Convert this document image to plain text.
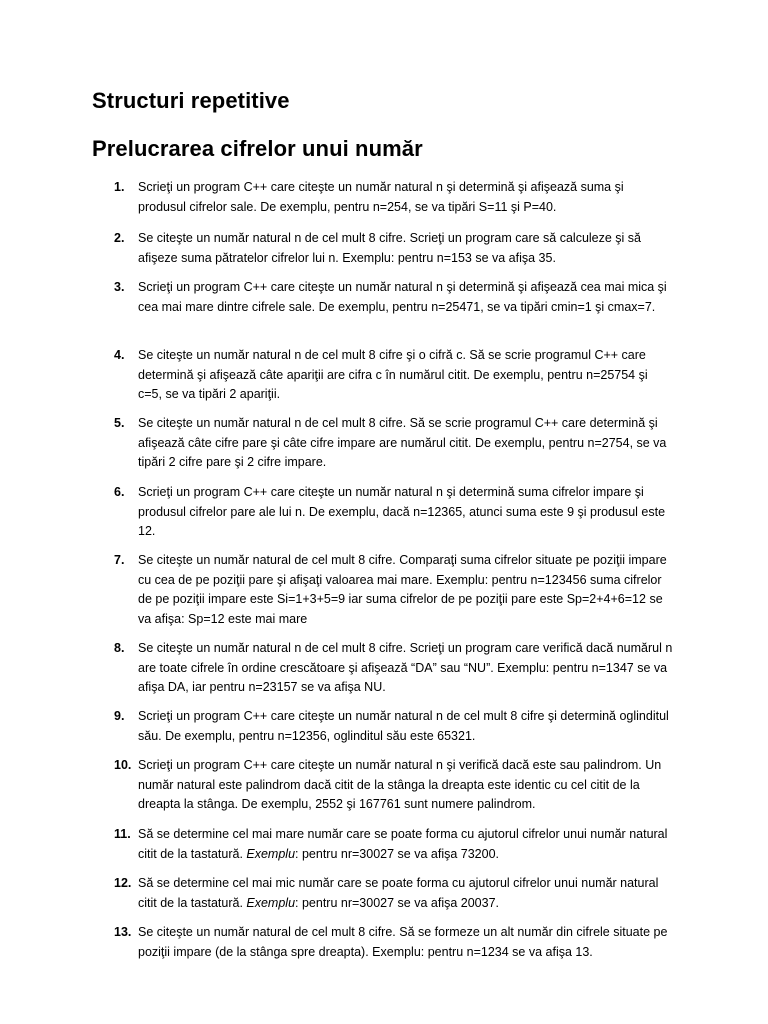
Structuri repetitive
Prelucrarea cifrelor unui număr
1.	Scrieţi un program C++ care citeşte un număr natural n şi determină şi afişează suma şi produsul cifrelor sale. De exemplu, pentru n=254, se va tipări S=11 şi P=40.
2.	Se citeşte un număr natural n de cel mult 8 cifre. Scrieţi un program care să calculeze şi să afişeze suma pătratelor cifrelor lui n. Exemplu: pentru n=153 se va afişa 35.
3.	Scrieţi un program C++ care citeşte un număr natural n şi determină şi afişează cea mai mica şi cea mai mare dintre cifrele sale. De exemplu, pentru n=25471, se va tipări cmin=1 şi cmax=7.
4.	Se citeşte un număr natural n de cel mult 8 cifre şi o cifră c. Să se scrie programul C++ care determină şi afişează câte apariţii are cifra c în numărul citit. De exemplu, pentru n=25754 şi c=5, se va tipări 2 apariţii.
5.	Se citeşte un număr natural n de cel mult 8 cifre. Să se scrie programul C++ care determină şi afişează câte cifre pare şi câte cifre impare are numărul citit. De exemplu, pentru n=2754, se va tipări 2 cifre pare şi 2 cifre impare.
6.	Scrieţi un program C++ care citeşte un număr natural n şi determină suma cifrelor impare şi produsul cifrelor pare ale lui n. De exemplu, dacă n=12365, atunci suma este 9 şi produsul este 12.
7.	Se citeşte un număr natural de cel mult 8 cifre. Comparaţi suma cifrelor situate pe poziţii impare cu cea de pe poziţii pare şi afişaţi valoarea mai mare. Exemplu: pentru n=123456 suma cifrelor de pe poziţii impare este Si=1+3+5=9 iar suma cifrelor de pe poziţii pare este Sp=2+4+6=12 se va afişa: Sp=12 este mai mare
8.	Se citeşte un număr natural n de cel mult 8 cifre. Scrieţi un program care verifică dacă numărul n are toate cifrele în ordine crescătoare şi afişează “DA” sau “NU”. Exemplu: pentru n=1347 se va afişa DA, iar pentru n=23157 se va afişa NU.
9.	Scrieţi un program C++ care citeşte un număr natural n de cel mult 8 cifre şi determină oglinditul său. De exemplu, pentru n=12356, oglinditul său este 65321.
10. Scrieţi un program C++ care citeşte un număr natural n şi verifică dacă este sau palindrom. Un număr natural este palindrom dacă citit de la stânga la dreapta este identic cu cel citit de la dreapta la stânga. De exemplu, 2552 şi 167761 sunt numere palindrom.
11. Să se determine cel mai mare număr care se poate forma cu ajutorul cifrelor unui număr natural citit de la tastatură. Exemplu: pentru nr=30027 se va afişa 73200.
12. Să se determine cel mai mic număr care se poate forma cu ajutorul cifrelor unui număr natural citit de la tastatură. Exemplu: pentru nr=30027 se va afişa 20037.
13. Se citeşte un număr natural de cel mult 8 cifre. Să se formeze un alt număr din cifrele situate pe poziţii impare (de la stânga spre dreapta). Exemplu: pentru n=1234 se va afişa 13.
